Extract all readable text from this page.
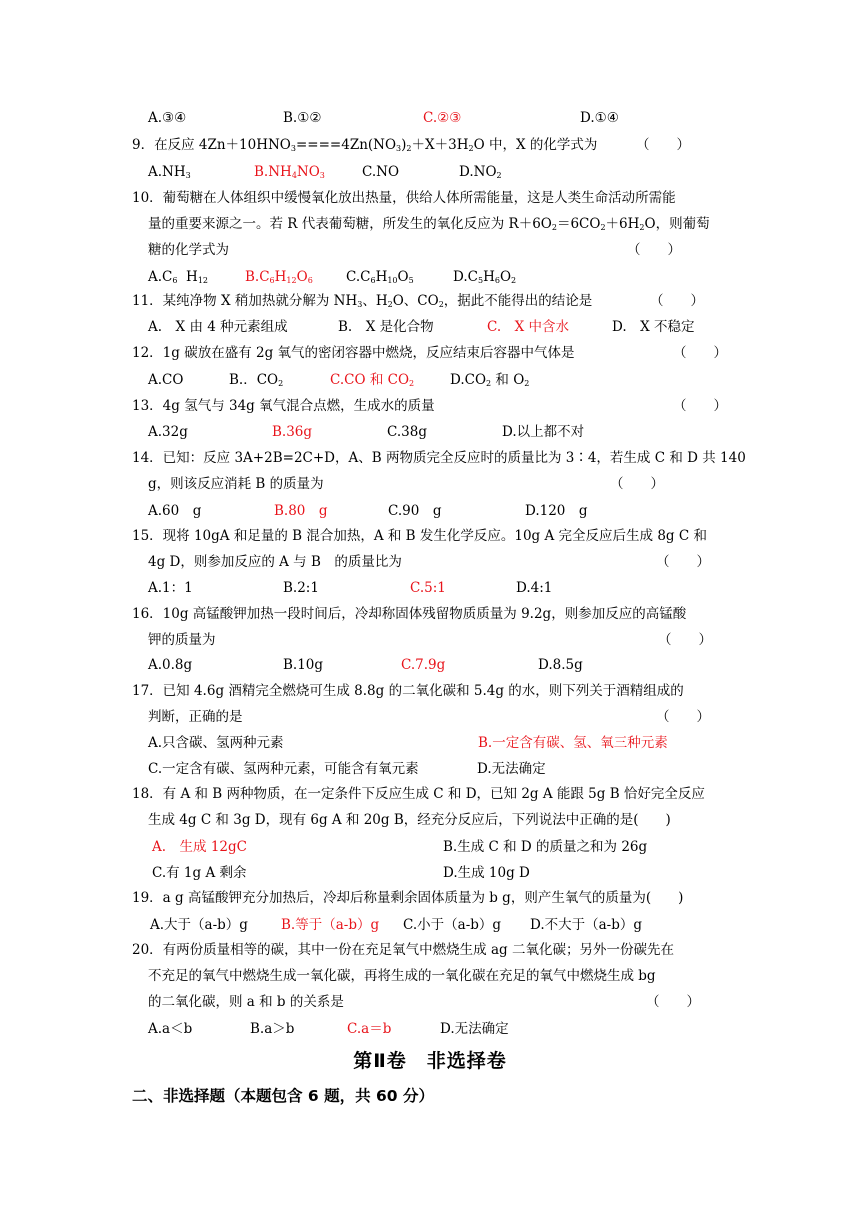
A.③④	B.①②	C.②③	D.①④
9．在反应 $4Zn+10HNO_3====4Zn(NO_3)_2+X+3H_2O$ 中，X 的化学式为	（　　）
$A.NH_3$	$B.NH_4NO_3$	C.NO	$D.NO_2$
10．葡萄糖在人体组织中缓慢氧化放出热量，供给人体所需能量，这是人类生命活动所需能
量的重要来源之一。若 R 代表葡萄糖，所发生的氧化反应为 $R+6O_2=6CO_2+6H_2O$，则葡萄
糖的化学式为	（　　）
$A.C_6$  $H_{12}$	$B.C_6H_{12}O_6$ $C.C_6H_{10}O_5$	$D.C_5H_6O_2$
11．某纯净物 X 稍加热就分解为 $NH_3$、$H_2O$、$CO_2$，据此不能得出的结论是	（　　）
A.　X 由 4 种元素组成	B.　X 是化合物	C.　X 中含水	D.　X 不稳定
12．1g 碳放在盛有 2g 氧气的密闭容器中燃烧，反应结束后容器中气体是	（　　）
A.CO	B.．$CO_2$	C.CO 和 $CO_2$	$D.CO_2$ 和 $O_2$
13．4g 氢气与 34g 氧气混合点燃，生成水的质量	（　　）
A.32g	B.36g	C.38g	D.以上都不对
14．已知：反应 3A+2B=2C+D，A、B 两物质完全反应时的质量比为 3∶4，若生成 C 和 D 共 140
g，则该反应消耗 B 的质量为	（　　）
A.60　g	B.80　g	C.90　g	D.120　g
15．现将 10gA 和足量的 B 混合加热，A 和 B 发生化学反应。10g A 完全反应后生成 8g C 和
4g D，则参加反应的 A 与 B　的质量比为	（　　）
A.1：1	B.2:1	C.5:1	D.4:1
16．10g 高锰酸钾加热一段时间后，冷却称固体残留物质质量为 9.2g，则参加反应的高锰酸
钾的质量为	（　　）
A.0.8g	B.10g	C.7.9g	D.8.5g
17．已知 4.6g 酒精完全燃烧可生成 8.8g 的二氧化碳和 5.4g 的水，则下列关于酒精组成的
判断，正确的是	（　　）
A.只含碳、氢两种元素	B.一定含有碳、氢、氧三种元素
C.一定含有碳、氢两种元素，可能含有氧元素	D.无法确定
18．有 A 和 B 两种物质，在一定条件下反应生成 C 和 D，已知 2g A 能跟 5g B 恰好完全反应
生成 4g C 和 3g D，现有 6g A 和 20g B，经充分反应后，下列说法中正确的是(　　)
A.　生成 12gC	B.生成 C 和 D 的质量之和为 26g
C.有 1g A 剩余	D.生成 10g D
19．a g 高锰酸钾充分加热后，冷却后称量剩余固体质量为 b g，则产生氧气的质量为(　　)
A.大于（a-b）g B.等于（a-b）g C.小于（a-b）g D.不大于（a-b）g
20．有两份质量相等的碳，其中一份在充足氧气中燃烧生成 ag 二氧化碳；另外一份碳先在
不充足的氧气中燃烧生成一氧化碳，再将生成的一氧化碳在充足的氧气中燃烧生成 bg
的二氧化碳，则 a 和 b 的关系是	（　　）
A.a＜b	B.a＞b	C.a＝b	D.无法确定
第Ⅱ卷　非选择卷
二、非选择题（本题包含 6 题，共 60 分）
